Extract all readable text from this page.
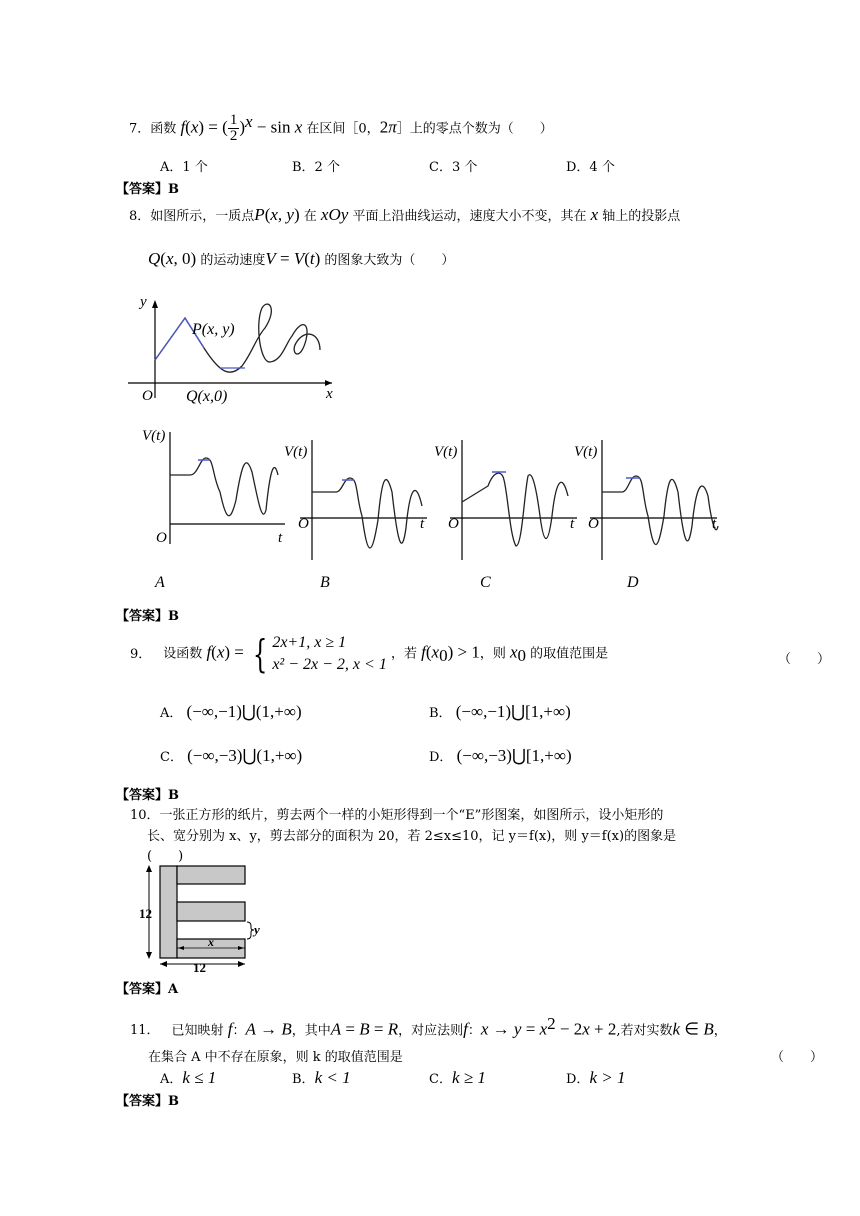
7．函数 f(x) = ( $\frac{1}{2} )^x - \sin x$ 在区间［0，2π］上的零点个数为（　　）
A．1 个	B．2 个	C．3 个	D．4 个
【答案】B
8．如图所示，一质点P(x, y) 在 xOy 平面上沿曲线运动，速度大小不变，其在 x 轴上的投影点
Q(x, 0) 的运动速度V = V(t) 的图象大致为（　　）
y
x
O
P(x, y)
Q(x,0)
V(t)
O	t
V(t)
O	t
V(t)
O	t
V(t)
O	t
A	B	C	D
【答案】B
9． 设函数 f(x) = { 2x+1, x ≥ 1
x² − 2x − 2, x < 1
，若 $f(x_0) > 1$，则 $x_0$ 的取值范围是	（　　）
A． (−∞,−1)⋃(1,+∞)	B． (−∞,−1)⋃[1,+∞)
C． (−∞,−3)⋃(1,+∞)	D． (−∞,−3)⋃[1,+∞)
【答案】B
10．一张正方形的纸片，剪去两个一样的小矩形得到一个“E”形图案，如图所示，设小矩形的
长、宽分别为 x、y，剪去部分的面积为 20，若 2≤x≤10，记 y＝f(x)，则 y＝f(x)的图象是
(　　)
12
x
y
12
【答案】A
11． 已知映射 f：A → B，其中A = B = R，对应法则f：$x \to y = x^2 - 2x + 2$,若对实数k ∈ B，
在集合 A 中不存在原象，则 k 的取值范围是	（　　）
A．k ≤ 1	B．k < 1	C．k ≥ 1	D．k > 1
【答案】B
